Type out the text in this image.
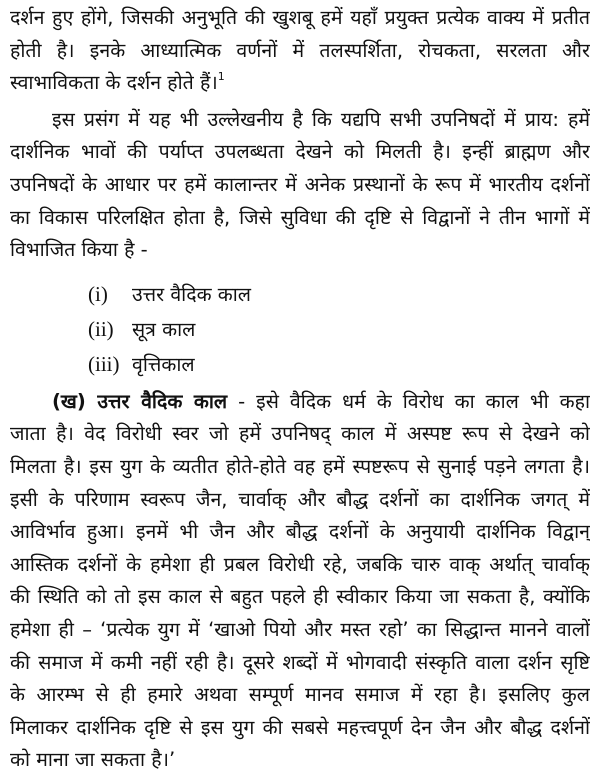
दर्शन हुए होंगे, जिसकी अनुभूति की खुशबू हमें यहाँ प्रयुक्त प्रत्येक वाक्य में प्रतीत
होती है। इनके आध्यात्मिक वर्णनों में तलस्पर्शिता, रोचकता, सरलता और
स्वाभाविकता के दर्शन होते हैं।$^1$
इस प्रसंग में यह भी उल्लेखनीय है कि यद्यपि सभी उपनिषदों में प्राय: हमें
दार्शनिक भावों की पर्याप्त उपलब्धता देखने को मिलती है। इन्हीं ब्राह्मण और
उपनिषदों के आधार पर हमें कालान्तर में अनेक प्रस्थानों के रूप में भारतीय दर्शनों
का विकास परिलक्षित होता है, जिसे सुविधा की दृष्टि से विद्वानों ने तीन भागों में
विभाजित किया है -
(i)	उत्तर वैदिक काल
(ii) सूत्र काल
(iii) वृत्तिकाल
(ख) उत्तर वैदिक काल - इसे वैदिक धर्म के विरोध का काल भी कहा
जाता है। वेद विरोधी स्वर जो हमें उपनिषद् काल में अस्पष्ट रूप से देखने को
मिलता है। इस युग के व्यतीत होते-होते वह हमें स्पष्टरूप से सुनाई पड़ने लगता है।
इसी के परिणाम स्वरूप जैन, चार्वाक् और बौद्ध दर्शनों का दार्शनिक जगत् में
आविर्भाव हुआ। इनमें भी जैन और बौद्ध दर्शनों के अनुयायी दार्शनिक विद्वान्
आस्तिक दर्शनों के हमेशा ही प्रबल विरोधी रहे, जबकि चारु वाक् अर्थात् चार्वाक्
की स्थिति को तो इस काल से बहुत पहले ही स्वीकार किया जा सकता है, क्योंकि
हमेशा ही – ‘प्रत्येक युग में ‘खाओ पियो और मस्त रहो’ का सिद्धान्त मानने वालों
की समाज में कमी नहीं रही है। दूसरे शब्दों में भोगवादी संस्कृति वाला दर्शन सृष्टि
के आरम्भ से ही हमारे अथवा सम्पूर्ण मानव समाज में रहा है। इसलिए कुल
मिलाकर दार्शनिक दृष्टि से इस युग की सबसे महत्त्वपूर्ण देन जैन और बौद्ध दर्शनों
को माना जा सकता है।’
